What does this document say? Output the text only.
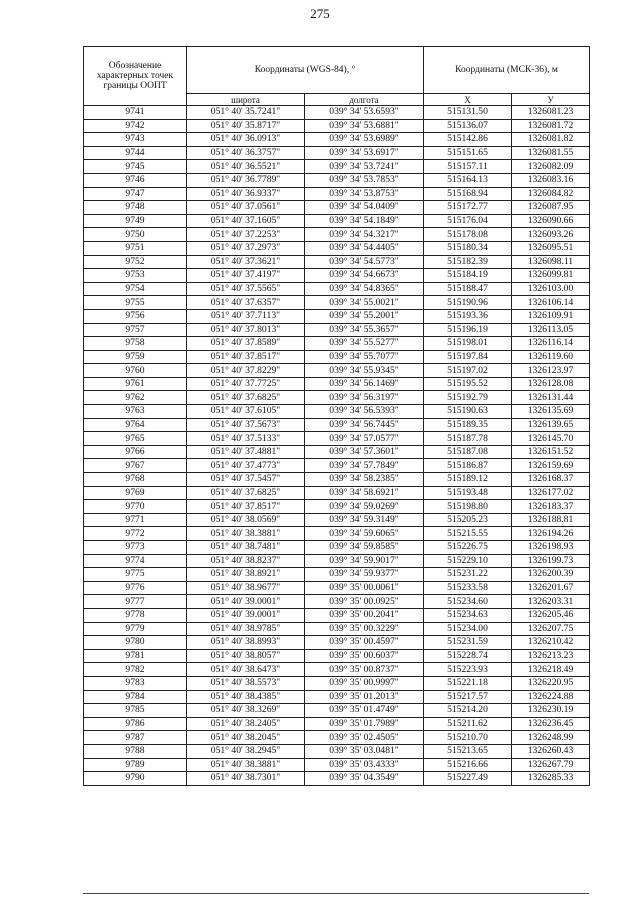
275
Обозначение характерных точек границы ООПТ	Координаты (WGS-84), °		Координаты (МСК-36), м	
	широта	долгота	X	У
9741	051° 40' 35.7241"	039° 34' 53.6593"	515131.50	1326081.23
9742	051° 40' 35.8717"	039° 34' 53.6881"	515136.07	1326081.72
9743	051° 40' 36.0913"	039° 34' 53.6989"	515142.86	1326081.82
9744	051° 40' 36.3757"	039° 34' 53.6917"	515151.65	1326081.55
9745	051° 40' 36.5521"	039° 34' 53.7241"	515157.11	1326082.09
9746	051° 40' 36.7789"	039° 34' 53.7853"	515164.13	1326083.16
9747	051° 40' 36.9337"	039° 34' 53.8753"	515168.94	1326084.82
9748	051° 40' 37.0561"	039° 34' 54.0409"	515172.77	1326087.95
9749	051° 40' 37.1605"	039° 34' 54.1849"	515176.04	1326090.66
9750	051° 40' 37.2253"	039° 34' 54.3217"	515178.08	1326093.26
9751	051° 40' 37.2973"	039° 34' 54.4405"	515180.34	1326095.51
9752	051° 40' 37.3621"	039° 34' 54.5773"	515182.39	1326098.11
9753	051° 40' 37.4197"	039° 34' 54.6673"	515184.19	1326099.81
9754	051° 40' 37.5565"	039° 34' 54.8365"	515188.47	1326103.00
9755	051° 40' 37.6357"	039° 34' 55.0021"	515190.96	1326106.14
9756	051° 40' 37.7113"	039° 34' 55.2001"	515193.36	1326109.91
9757	051° 40' 37.8013"	039° 34' 55.3657"	515196.19	1326113.05
9758	051° 40' 37.8589"	039° 34' 55.5277"	515198.01	1326116.14
9759	051° 40' 37.8517"	039° 34' 55.7077"	515197.84	1326119.60
9760	051° 40' 37.8229"	039° 34' 55.9345"	515197.02	1326123.97
9761	051° 40' 37.7725"	039° 34' 56.1469"	515195.52	1326128.08
9762	051° 40' 37.6825"	039° 34' 56.3197"	515192.79	1326131.44
9763	051° 40' 37.6105"	039° 34' 56.5393"	515190.63	1326135.69
9764	051° 40' 37.5673"	039° 34' 56.7445"	515189.35	1326139.65
9765	051° 40' 37.5133"	039° 34' 57.0577"	515187.78	1326145.70
9766	051° 40' 37.4881"	039° 34' 57.3601"	515187.08	1326151.52
9767	051° 40' 37.4773"	039° 34' 57.7849"	515186.87	1326159.69
9768	051° 40' 37.5457"	039° 34' 58.2385"	515189.12	1326168.37
9769	051° 40' 37.6825"	039° 34' 58.6921"	515193.48	1326177.02
9770	051° 40' 37.8517"	039° 34' 59.0269"	515198.80	1326183.37
9771	051° 40' 38.0569"	039° 34' 59.3149"	515205.23	1326188.81
9772	051° 40' 38.3881"	039° 34' 59.6065"	515215.55	1326194.26
9773	051° 40' 38.7481"	039° 34' 59.8585"	515226.75	1326198.93
9774	051° 40' 38.8237"	039° 34' 59.9017"	515229.10	1326199.73
9775	051° 40' 38.8921"	039° 34' 59.9377"	515231.22	1326200.39
9776	051° 40' 38.9677"	039° 35' 00.0061"	515233.58	1326201.67
9777	051° 40' 39.0001"	039° 35' 00.0925"	515234.60	1326203.31
9778	051° 40' 39.0001"	039° 35' 00.2041"	515234.63	1326205.46
9779	051° 40' 38.9785"	039° 35' 00.3229"	515234.00	1326207.75
9780	051° 40' 38.8993"	039° 35' 00.4597"	515231.59	1326210.42
9781	051° 40' 38.8057"	039° 35' 00.6037"	515228.74	1326213.23
9782	051° 40' 38.6473"	039° 35' 00.8737"	515223.93	1326218.49
9783	051° 40' 38.5573"	039° 35' 00.9997"	515221.18	1326220.95
9784	051° 40' 38.4385"	039° 35' 01.2013"	515217.57	1326224.88
9785	051° 40' 38.3269"	039° 35' 01.4749"	515214.20	1326230.19
9786	051° 40' 38.2405"	039° 35' 01.7989"	515211.62	1326236.45
9787	051° 40' 38.2045"	039° 35' 02.4505"	515210.70	1326248.99
9788	051° 40' 38.2945"	039° 35' 03.0481"	515213.65	1326260.43
9789	051° 40' 38.3881"	039° 35' 03.4333"	515216.66	1326267.79
9790	051° 40' 38.7301"	039° 35' 04.3549"	515227.49	1326285.33
